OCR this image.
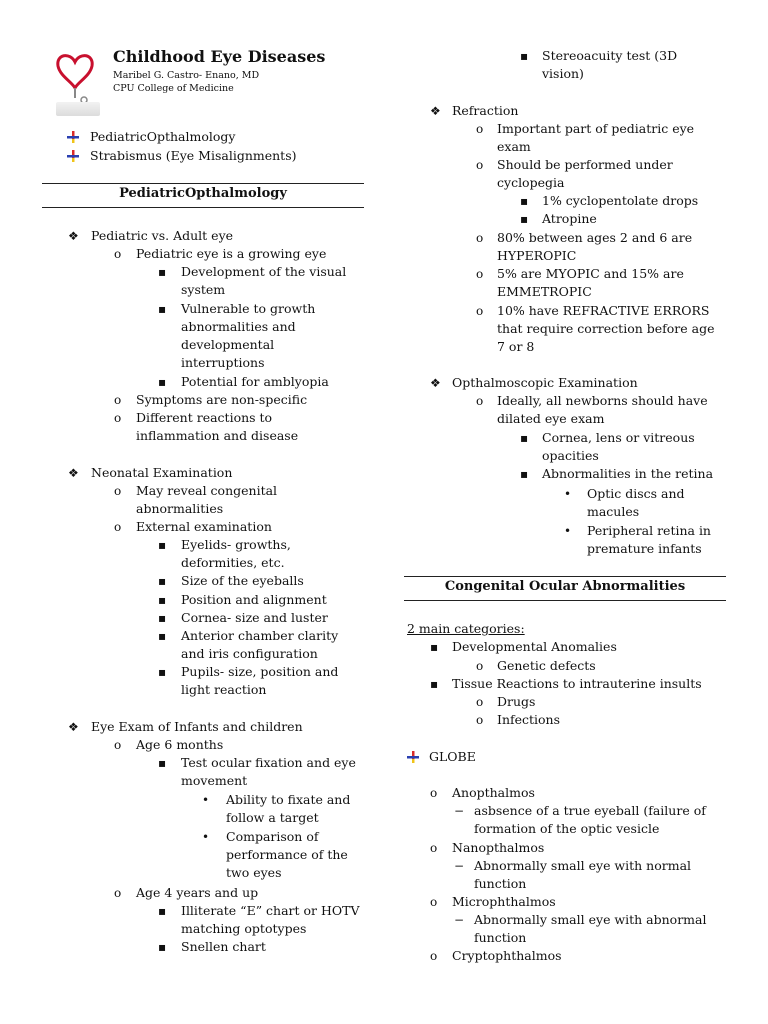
Childhood Eye Diseases
Maribel G. Castro- Enano, MD
CPU College of Medicine
PediatricOpthalmology
Strabismus (Eye Misalignments)
PediatricOpthalmology
❖ Pediatric vs. Adult eye
o Pediatric eye is a growing eye
▪ Development of the visual
system
▪ Vulnerable to growth
abnormalities and
developmental
interruptions
▪ Potential for amblyopia
o Symptoms are non-specific
o Different reactions to
inflammation and disease
❖ Neonatal Examination
o May reveal congenital
abnormalities
o External examination
▪ Eyelids- growths,
deformities, etc.
▪ Size of the eyeballs
▪ Position and alignment
▪ Cornea- size and luster
▪ Anterior chamber clarity
and iris configuration
▪ Pupils- size, position and
light reaction
❖ Eye Exam of Infants and children
o Age 6 months
▪ Test ocular fixation and eye
movement
• Ability to fixate and
follow a target
• Comparison of
performance of the
two eyes
o Age 4 years and up
▪ Illiterate “E” chart or HOTV
matching optotypes
▪ Snellen chart
▪ Stereoacuity test (3D
vision)
❖ Refraction
o Important part of pediatric eye
exam
o Should be performed under
cyclopegia
▪ 1% cyclopentolate drops
▪ Atropine
o 80% between ages 2 and 6 are
HYPEROPIC
o 5% are MYOPIC and 15% are
EMMETROPIC
o 10% have REFRACTIVE ERRORS
that require correction before age
7 or 8
❖ Opthalmoscopic Examination
o Ideally, all newborns should have
dilated eye exam
▪ Cornea, lens or vitreous
opacities
▪ Abnormalities in the retina
• Optic discs and
macules
• Peripheral retina in
premature infants
Congenital Ocular Abnormalities
2 main categories:
▪ Developmental Anomalies
o Genetic defects
▪ Tissue Reactions to intrauterine insults
o Drugs
o Infections
GLOBE
o Anopthalmos
− asbsence of a true eyeball (failure of
formation of the optic vesicle
o Nanopthalmos
− Abnormally small eye with normal
function
o Microphthalmos
− Abnormally small eye with abnormal
function
o Cryptophthalmos
